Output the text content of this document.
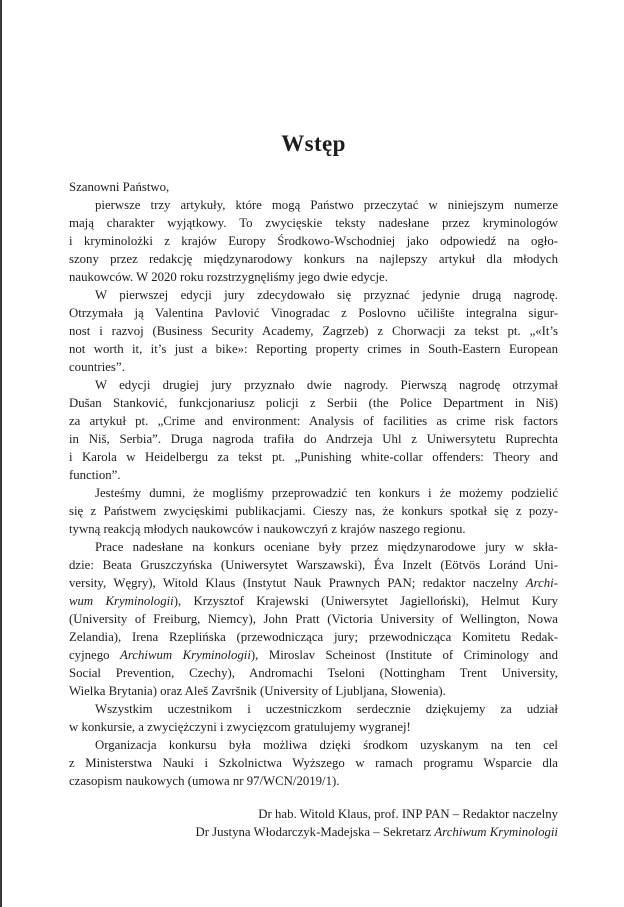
Wstęp
Szanowni Państwo,
pierwsze trzy artykuły, które mogą Państwo przeczytać w niniejszym numerze
mają charakter wyjątkowy. To zwycięskie teksty nadesłane przez kryminologów
i kryminolożki z krajów Europy Środkowo-Wschodniej jako odpowiedź na ogło-
szony przez redakcję międzynarodowy konkurs na najlepszy artykuł dla młodych
naukowców. W 2020 roku rozstrzygnęliśmy jego dwie edycje.
W pierwszej edycji jury zdecydowało się przyznać jedynie drugą nagrodę.
Otrzymała ją Valentina Pavlović Vinogradac z Poslovno učilište integralna sigur-
nost i razvoj (Business Security Academy, Zagrzeb) z Chorwacji za tekst pt. „«It’s
not worth it, it’s just a bike»: Reporting property crimes in South-Eastern European
countries”.
W edycji drugiej jury przyznało dwie nagrody. Pierwszą nagrodę otrzymał
Dušan Stanković, funkcjonariusz policji z Serbii (the Police Department in Niš)
za artykuł pt. „Crime and environment: Analysis of facilities as crime risk factors
in Niš, Serbia”. Druga nagroda trafiła do Andrzeja Uhl z Uniwersytetu Ruprechta
i Karola w Heidelbergu za tekst pt. „Punishing white-collar offenders: Theory and
function”.
Jesteśmy dumni, że mogliśmy przeprowadzić ten konkurs i że możemy podzielić
się z Państwem zwycięskimi publikacjami. Cieszy nas, że konkurs spotkał się z pozy-
tywną reakcją młodych naukowców i naukowczyń z krajów naszego regionu.
Prace nadesłane na konkurs oceniane były przez międzynarodowe jury w skła-
dzie: Beata Gruszczyńska (Uniwersytet Warszawski), Éva Inzelt (Eötvös Loránd Uni-
versity, Węgry), Witold Klaus (Instytut Nauk Prawnych PAN; redaktor naczelny Archi-
wum Kryminologii), Krzysztof Krajewski (Uniwersytet Jagielloński), Helmut Kury
(University of Freiburg, Niemcy), John Pratt (Victoria University of Wellington, Nowa
Zelandia), Irena Rzeplińska (przewodnicząca jury; przewodnicząca Komitetu Redak-
cyjnego Archiwum Kryminologii), Miroslav Scheinost (Institute of Criminology and
Social Prevention, Czechy), Andromachi Tseloni (Nottingham Trent University,
Wielka Brytania) oraz Aleš Završnik (University of Ljubljana, Słowenia).
Wszystkim uczestnikom i uczestniczkom serdecznie dziękujemy za udział
w konkursie, a zwyciężczyni i zwycięzcom gratulujemy wygranej!
Organizacja konkursu była możliwa dzięki środkom uzyskanym na ten cel
z Ministerstwa Nauki i Szkolnictwa Wyższego w ramach programu Wsparcie dla
czasopism naukowych (umowa nr 97/WCN/2019/1).
Dr hab. Witold Klaus, prof. INP PAN – Redaktor naczelny
Dr Justyna Włodarczyk-Madejska – Sekretarz Archiwum Kryminologii
